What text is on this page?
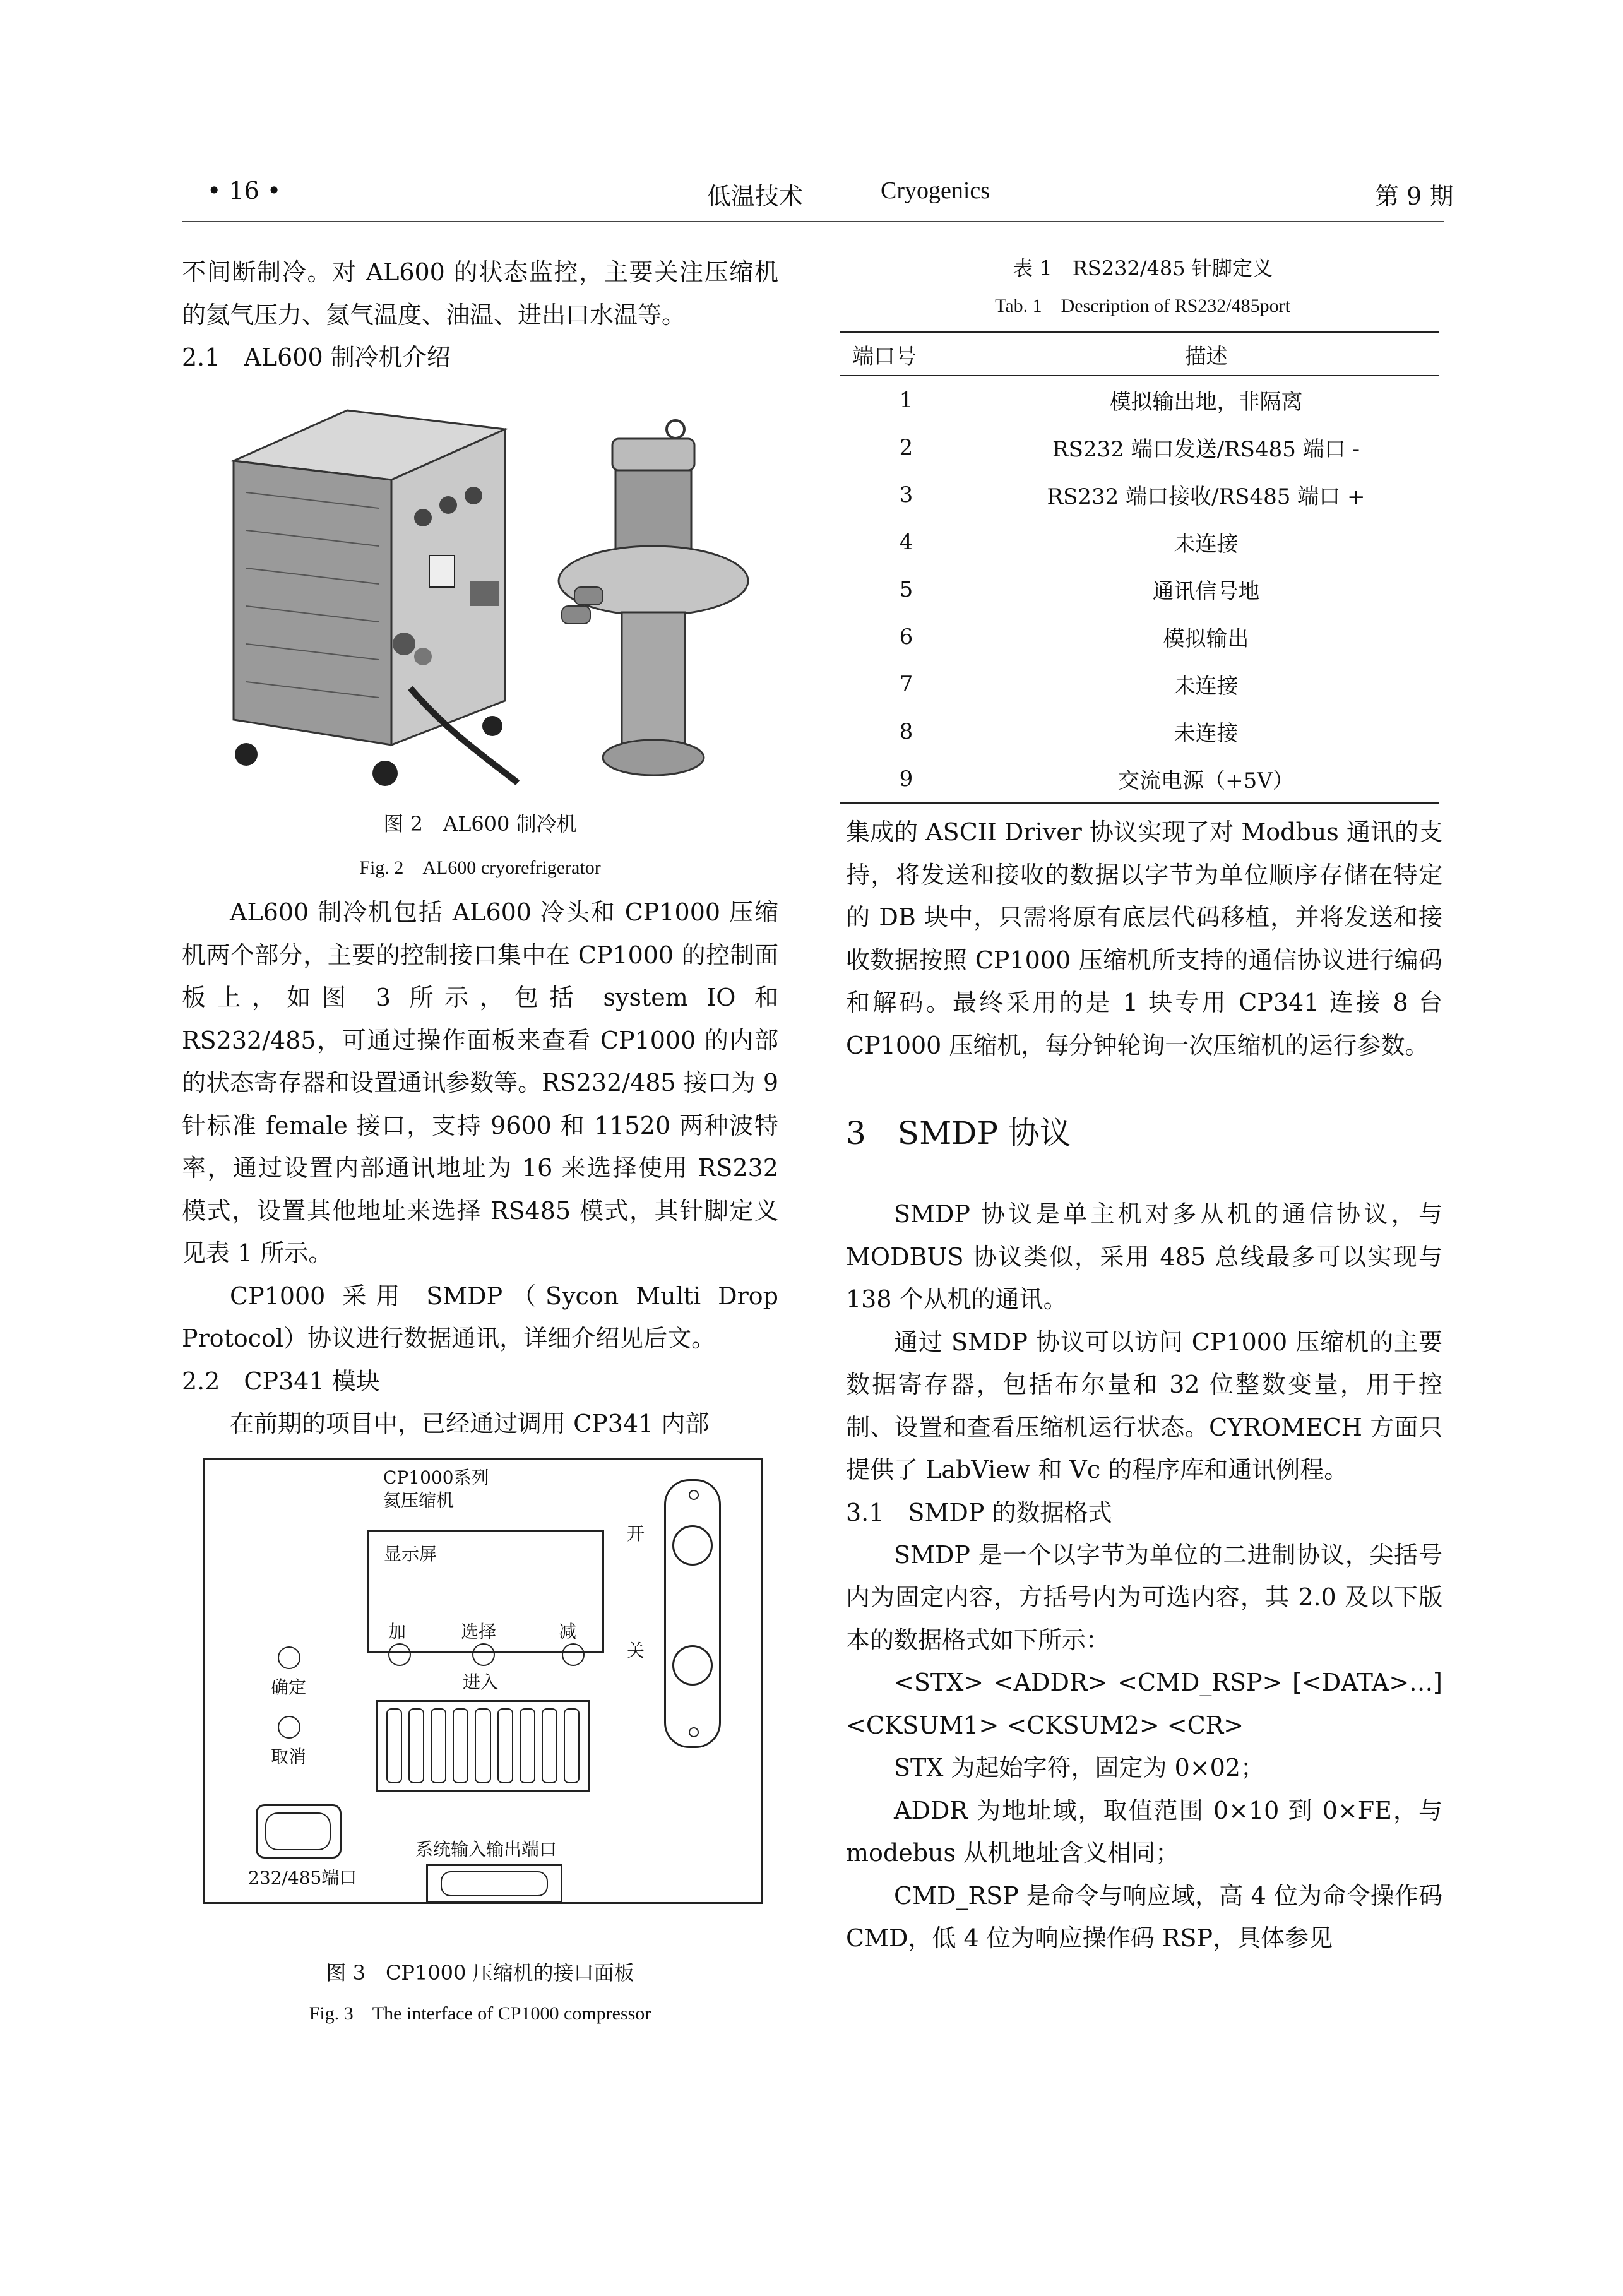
• 16 •	低温技术	Cryogenics	第 9 期

不间断制冷。对 AL600 的状态监控，主要关注压缩机的氦气压力、氦气温度、油温、进出口水温等。

2.1　AL600 制冷机介绍

图 2　AL600 制冷机
Fig. 2　AL600 cryorefrigerator

AL600 制冷机包括 AL600 冷头和 CP1000 压缩机两个部分，主要的控制接口集中在 CP1000 的控制面板上，如图 3 所示，包括 system IO 和 RS232/485，可通过操作面板来查看 CP1000 的内部的状态寄存器和设置通讯参数等。RS232/485 接口为 9 针标准 female 接口，支持 9600 和 11520 两种波特率，通过设置内部通讯地址为 16 来选择使用 RS232 模式，设置其他地址来选择 RS485 模式，其针脚定义见表 1 所示。

CP1000 采用 SMDP（Sycon Multi Drop Protocol）协议进行数据通讯，详细介绍见后文。

2.2　CP341 模块

在前期的项目中，已经通过调用 CP341 内部

CP1000系列
氦压缩机
显示屏
开
关
加	选择	减
进入
确定
取消
232/485端口
系统输入输出端口
图 3　CP1000 压缩机的接口面板
Fig. 3　The interface of CP1000 compressor
表 1　RS232/485 针脚定义
Tab. 1　Description of RS232/485port
端口号	描述
1	模拟输出地，非隔离
2	RS232 端口发送/RS485 端口 -
3	RS232 端口接收/RS485 端口 +
4	未连接
5	通讯信号地
6	模拟输出
7	未连接
8	未连接
9	交流电源（+5V）

集成的 ASCII Driver 协议实现了对 Modbus 通讯的支持，将发送和接收的数据以字节为单位顺序存储在特定的 DB 块中，只需将原有底层代码移植，并将发送和接收数据按照 CP1000 压缩机所支持的通信协议进行编码和解码。最终采用的是 1 块专用 CP341 连接 8 台 CP1000 压缩机，每分钟轮询一次压缩机的运行参数。

3　SMDP 协议

SMDP 协议是单主机对多从机的通信协议，与 MODBUS 协议类似，采用 485 总线最多可以实现与 138 个从机的通讯。

通过 SMDP 协议可以访问 CP1000 压缩机的主要数据寄存器，包括布尔量和 32 位整数变量，用于控制、设置和查看压缩机运行状态。CYROMECH 方面只提供了 LabView 和 Vc 的程序库和通讯例程。

3.1　SMDP 的数据格式

SMDP 是一个以字节为单位的二进制协议，尖括号内为固定内容，方括号内为可选内容，其 2.0 及以下版本的数据格式如下所示：

<STX> <ADDR> <CMD_RSP> [<DATA>…] <CKSUM1> <CKSUM2> <CR>

STX 为起始字符，固定为 0×02；

ADDR 为地址域，取值范围 0×10 到 0×FE，与 modebus 从机地址含义相同；

CMD_RSP 是命令与响应域，高 4 位为命令操作码 CMD，低 4 位为响应操作码 RSP，具体参见
